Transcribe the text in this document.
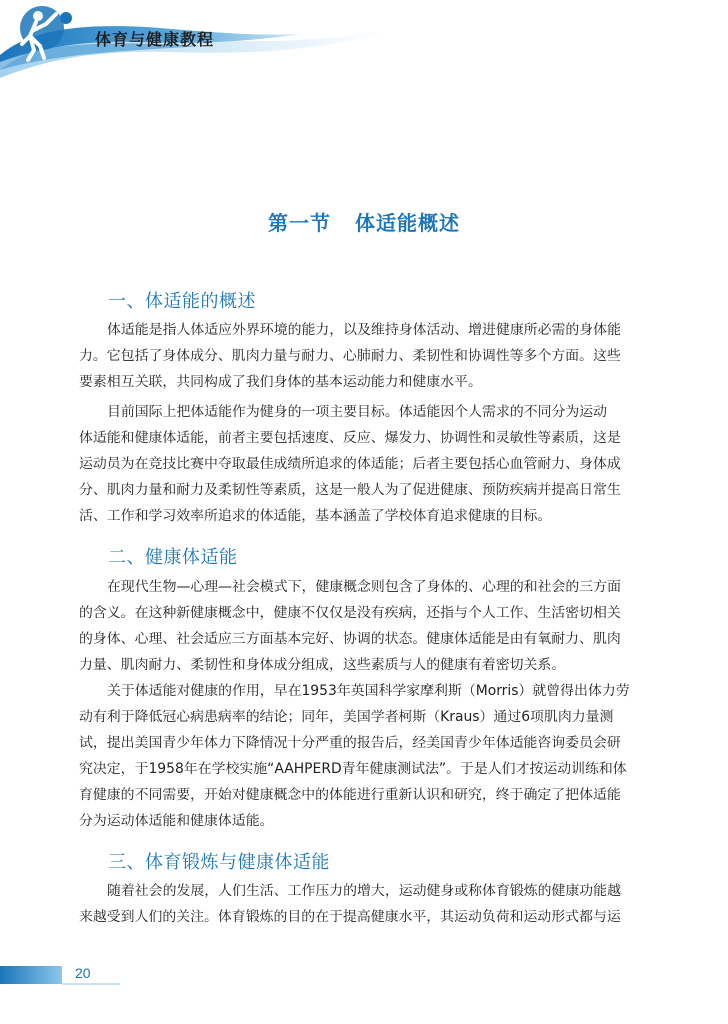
体育与健康教程
第一节 体适能概述
一、体适能的概述
体适能是指人体适应外界环境的能力，以及维持身体活动、增进健康所必需的身体能
力。它包括了身体成分、肌肉力量与耐力、心肺耐力、柔韧性和协调性等多个方面。这些
要素相互关联，共同构成了我们身体的基本运动能力和健康水平。
目前国际上把体适能作为健身的一项主要目标。体适能因个人需求的不同分为运动
体适能和健康体适能，前者主要包括速度、反应、爆发力、协调性和灵敏性等素质，这是
运动员为在竞技比赛中夺取最佳成绩所追求的体适能；后者主要包括心血管耐力、身体成
分、肌肉力量和耐力及柔韧性等素质，这是一般人为了促进健康、预防疾病并提高日常生
活、工作和学习效率所追求的体适能，基本涵盖了学校体育追求健康的目标。
二、健康体适能
在现代生物—心理—社会模式下，健康概念则包含了身体的、心理的和社会的三方面
的含义。在这种新健康概念中，健康不仅仅是没有疾病，还指与个人工作、生活密切相关
的身体、心理、社会适应三方面基本完好、协调的状态。健康体适能是由有氧耐力、肌肉
力量、肌肉耐力、柔韧性和身体成分组成，这些素质与人的健康有着密切关系。
关于体适能对健康的作用，早在1953年英国科学家摩利斯（Morris）就曾得出体力劳
动有利于降低冠心病患病率的结论；同年，美国学者柯斯（Kraus）通过6项肌肉力量测
试，提出美国青少年体力下降情况十分严重的报告后，经美国青少年体适能咨询委员会研
究决定，于1958年在学校实施“AAHPERD青年健康测试法”。于是人们才按运动训练和体
育健康的不同需要，开始对健康概念中的体能进行重新认识和研究，终于确定了把体适能
分为运动体适能和健康体适能。
三、体育锻炼与健康体适能
随着社会的发展，人们生活、工作压力的增大，运动健身或称体育锻炼的健康功能越
来越受到人们的关注。体育锻炼的目的在于提高健康水平，其运动负荷和运动形式都与运
20
